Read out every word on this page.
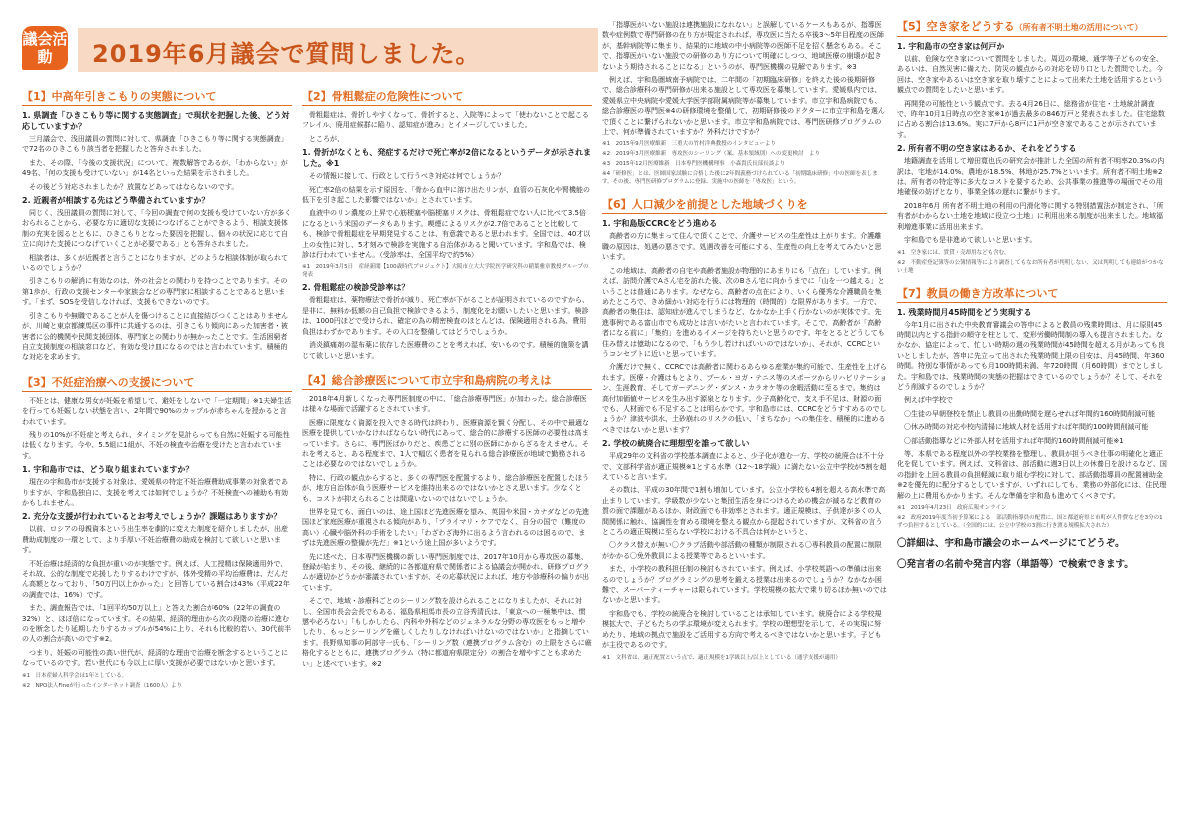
議会活動	2019年6月議会で質問しました。
【1】中高年引きこもりの実態について
1. 県調査「ひきこもり等に関する実態調査」で現状を把握した後、どう対応していますか？

三月議会で、浅田議員の質問に対して、県調査「ひきこもり等に関する実態調査」で72名のひきこもり該当者を把握したと答弁されました。

また、その際、「今後の支援状況」について、複数解答であるが、「わからない」が49名、「何の支援も受けていない」が14名といった結果を示されました。

その後どう対応されましたか？放置などあってはならないのです。

2. 近親者が相談する先はどう準備されていますか？

同じく、浅田議員の質問に対して、「今回の調査で何の支援も受けていない方が多くおられることから、必要な方に適切な支援につなげることができるよう、相談支援体制の充実を図るとともに、ひきこもりとなった要因を把握し、個々の状況に応じて自立に向けた支援につなげていくことが必要である」とも答弁されました。

相談者は、多くが近親者と言うことになりますが、どのような相談体制が取られているのでしょうか？

引きこもりの解消に有効なのは、外の社会との関わりを持つことであります。その第1歩が、行政の支援センターや家族会などの専門家に相談することであると思います。「まず、SOSを受信しなければ、支援もできないのです。

引きこもりや無職であることが人を傷つけることに直接結びつくことはありませんが、川崎と東京都練馬区の事件に共通するのは、引きこもり傾向にあった加害者・被害者に公的機関や民間支援団体、専門家との関わりが無かったことです。生活困窮者自立支援制度の相談窓口など、有効な受け皿になるのではと言われています。積極的な対応を求めます。

【3】不妊症治療への支援について

不妊とは、健康な男女が妊娠を希望して、避妊をしないで「一定期間」※1夫婦生活を行っても妊娠しない状態を言い、2年間で90%のカップルが赤ちゃんを授かると言われています。

残りの10%が不妊症と考えられ、タイミングを見計らっても自然に妊娠する可能性は低くなります。今や、5.5組に1組が、不妊の検査や治療を受けたと言われています。

1. 宇和島市では、どう取り組まれていますか？

現在の宇和島市が支援する対象は、愛媛県の特定不妊治療費助成事業の対象者でありますが、宇和島独自に、支援を考えては如何でしょうか？不妊検査への補助も有効かもしれません。

2. 充分な支援が行われているとお考えでしょうか？課題はありますか？

以前、ロシアの母親資本という出生率を劇的に変えた制度を紹介しましたが、出産費助成制度の一環として、より手厚い不妊治療費の助成を検討して欲しいと思います。

不妊治療は経済的な負担が重いのが実態です。例えば、人工授精は保険適用外で、それ故、公的な制度で応援したりするわけですが、体外受精の平均治療費は、だんだん高額となっており、「50万円以上かかった」と回答している割合は43%（平成22年の調査では、16%）です。

また、調査報告では、「1回平均50万以上」と答えた割合が60%（22年の調査の32%）と、ほぼ倍になっています。その結果、経済的理由から次の段階の治療に進むのを断念したり延期したりするカップルが54%に上り、それも比較的若い、30代前半の人の割合が高いのです※2。

つまり、妊娠の可能性の高い世代が、経済的な理由で治療を断念するということになっているのです。若い世代にも今以上に厚い支援が必要ではないかと思います。

※1　日本産婦人科学会は1年としている。
※2　NPO法人Fineが行ったインターネット調査（1600人）より
【2】骨粗鬆症の危険性について

骨粗鬆症は、骨折しやすくなって、骨折すると、入院等によって「使わないことで起こるフレイル、廃用症候群に陥り、認知症が進み」とイメージしていました。

ところが、

1. 骨折がなくとも、発症するだけで死亡率が2倍になるというデータが示されました。※1

その情報に接して、行政として行うべき対応は何でしょうか？

死亡率2倍の結果を示す原因を、「骨から血中に溶け出たリンが、血管の石灰化や腎機能の低下を引き起こした影響ではないか」とされています。

血液中のリン濃度の上昇で心筋梗塞や脳梗塞リスクは、骨粗鬆症でない人に比べて3.5倍になるという米国のデータもあります。喫煙によるリスクが2.7倍であることと比較しても、検診で骨粗鬆症を早期発見することは、有意義であると思われます。全国では、40才以上の女性に対し、5才刻みで検診を実施する自治体があると聞いています。宇和島では、検診は行われていません。（受診率は、全国平均で約5%）

※1　2019年3月5日　産経新聞【100歳時代プロジェクト】大阪市立大大学院医学研究科の稲葉雅章教授グループの発表
2. 骨粗鬆症の検診受診率は？

骨粗鬆症は、薬物療法で骨折が減り、死亡率が下がることが証明されているのですから、是非に、無料か低額の自己負担で検診できるよう、制度化をお願いしたいと思います。検診は、1000円ほどで受けられ、確定の為の精密検査のほとんどは、保険適用される為、費用負担はわずかであります。その入口を整備してはどうでしょうか。

消炎鎮痛剤の湿布薬に依存した医療費のことを考えれば、安いものです。積極的施策を講じて欲しいと思います。

【4】総合診療医について市立宇和島病院の考えは

2018年4月新しくなった専門医制度の中に、「総合診療専門医」が加わった。総合診療医は様々な場面で活躍するとされています。

医療に限度なく資源を投入できる時代は終わり、医療資源を賢く分配し、その中で最適な医療を提供していかなければならない時代にあって、総合的に診療する医師の必要性は高まっています。さらに、専門医ばかりだと、疾患ごとに別の医師にかからざるをえません。それを考えると、ある程度まで、1人で幅広く患者を見られる総合診療医が地域で勤務されることは必要なのではないでしょうか。

特に、行政の観点からすると、多くの専門医を配置するより、総合診療医を配置したほうが、地方自治体が負う医療サービスを維持出来るのではないかとさえ思います。少なくとも、コストが抑えられることは間違いないのではないでしょうか。

世界を見ても、面白いのは、途上国ほど先進医療を望み、英国や米国・カナダなどの先進国ほど家庭医療が重視される傾向があり、「プライマリ・ケアでなく、自分の国で（難度の高い）心臓や脳外科の手術をしたい」「わざわざ海外に出るよう言われるのは困るので、まずは先進医療の整備が先だ」※1という途上国が多いようです。

先に述べた、日本専門医機構の新しい専門医制度では、2017年10月から専攻医の募集、登録が始まり、その後、継続的に各都道府県で関係者による協議会が開かれ、研修プログラムが適切かどうかが審議されていますが、その応募状況によれば、地方や診療科の偏りが出ています。

そこで、地域・診療科ごとのシーリング数を設けられることになりましたが、それに対し、全国市長会会長でもある、福島県相馬市長の立谷秀清氏は、「東京への一極集中は、惯懲や必ろない」「もしかしたら、内科や外科などのジェネラルな分野の専攻医をもっと増やしたり、もっとシーリングを厳しくしたりしなければいけないのではないか」と指摘しています。長野県知事の阿部守一氏も、「シーリング数（連携プログラム含む）の上限をさらに厳格化するとともに、連携プログラム（特に都道府県限定分）の割合を増やすことも求めたい」と述べています。※2

「指導医がいない施設は連携施設になれない」と誤解しているケースもあるが、指導医数や症例数で専門研修の在り方が規定されれば、専攻医に当たる卒後3〜5年目程度の医師が、基幹病院等に集まり、結果的に地域の中小病院等の医師不足を招く懸念もある。そこで、指導医がいない施設での研修のあり方について明確にしつつ、地域医療の崩壊が起きないよう期待されることになる」というのが、専門医機構の見解であります。※3

例えば、宇和島圏域南予病院では、二年間の「初期臨床研修」を終えた後の後期研修で、総合診療科の専門研修が出来る施設として専攻医を募集しています。愛媛県内では、愛媛県立中央病院や愛媛大学医学部附属病院等が募集しています。市立宇和島病院でも、総合診療医の専門医※4の研修環境を整備して、初期研修後のドクターに市立宇和島を選んで頂くことに繋げられないかと思います。市立宇和島病院では、専門医研修プログラムの上で、何が準備されていますか？外科だけですか？

※1　2015年9月医療維新　三重大の竹村洋典教授のインタビューより
※2　2019年3月医療維新　専攻医のシーリング（案、基本領域別）への変更検討　より
※3　2015年12月医療維新　日本専門医機構理事　小森貴氏長部長談より
※4「研修医」とは、医師国家試験に合格した後に2年間義務づけられている「初期臨床研修」中の医師を表します。その後、専門医研修プログラムに登録、実施中の医師を「専攻医」という。
【6】人口減少を前提とした地域づくりを
1. 宇和島版CCRCをどう進める

高齢者の方に集まって住んで頂くことで、介護サービスの生産性は上がります。介護離職の原因は、処遇の悪さです。処遇改善を可能にする、生産性の向上を考えてみたいと思います。

この地域は、高齢者の自宅や高齢者施設が物理的にあまりにも「点在」しています。例えば、訪問介護でAさん宅を訪れた後、次のBさん宅に向かうまでに「山を一つ越える」ということは普通にあります。なぜなら、高齢者の点在により、いくら優秀な介護職員を集めたところで、きめ細かい対応を行うには物理的（時間的）な限界があります。一方で、高齢者の集住は、認知症が進んでしまうなど、なかなか上手く行かないのが実体です。先進事例である富山市でも成功とは言いがたいと言われています。そこで、高齢者が「高齢者になる前に」「集約」を進めるイメージを持ちたいと思うのです。年をとるとどうしても住み替えは億劫になるので、「もう少し若ければいいのではないか」、それが、CCRCというコンセプトに近いと思っています。

介護だけで無く、CCRCでは高齢者に関わるあらゆる産業が集約可能で、生産性を上げられます。医療・介護はもとより、プール・ヨガ・テニス等のスポーツからリハビリテーション、生涯教育、そしてガーデニング・ダンス・カラオケ等の余暇活動に至るまで。集約は高付加価値サービスを生み出す源泉となります。少子高齢化で、支え手不足は、財源の面でも、人材面でも不足することは明らかです。宇和島市には、CCRCをどうすすめるのでしょうか？津波や洪水、土砂崩れのリスクの低い、「まちなか」への集住を、積極的に進めるべきではないかと思います？

2. 学校の統廃合に理想型を誰って欲しい

平成29年の文科省の学校基本調査によると、少子化が進む一方、学校の統廃合は不十分で、文部科学省が適正規模※1とする水準（12〜18学級）に満たない公立中学校が5割を超えていると言います。

その数は、平成の30年間で1割も増加しています。公立小学校も4割を超える高水準で高止まりしています。学級数が少ないと集団生活を身につけるための機会が減るなど教育の質の面で課題があるほか、財政面でも非効率とされます。適正規模は、子供達が多くの人間関係に触れ、協調性を育める環境を整える観点から提起されていますが、文科省の言うところの適正規模に至らない学校における不具合は何かというと、

〇クラス替えが無い〇クラブ活動や部活動の種類が制限される〇専科教員の配置に制限がかかる〇免外教員による授業等であるといいます。

また、小学校の教科担任制の検討もされています。例えば、小学校英語への準備は出来るのでしょうか？プログラミングの思考を鍛える授業は出来るのでしょうか？なかなか困難で、スーパーティーチャーは限られています。学校規模の拡大で乗り切るほか無いのではないかと思います。

宇和島でも、学校の統廃合を検討していることは承知しています。統廃合による学校規模拡大で、子どもたちの学ぶ環境が変えられます。学校の理想型を示して、その実現に努めたり、地域の拠点で施設をご活用する方向で考えるべきではないかと思います。子どもが主役であるのです。

※1　文科省は、適正配置という点で、適正規模を1学級以上/以上としている（通学支援が適用）
【5】空き家をどうする（所有者不明土地の活用について）
1. 宇和島市の空き家は何戸か

以前、危険な空き家について質問をしました。周辺の環境、通学等子どもの安全、あるいは、自然災害に備えた、防災の観点からの対応を切り口とした質問でした。今回は、空き家やあるいは空き家を取り壊すことによって出来た土地を活用するという観点での質問をしたいと思います。

再開発の可能性という観点です。去る4月26日に、総務省が住宅・土地統計調査で、昨年10月1日時点の空き家※1が過去最多の846万戸と発表されました。住宅総数に占める割合は13.6%。実に7戸から8戸に1戸が空き家であることが示されています。

2. 所有者不明の空き家はあるか、それをどうする

地籍調査を活用して増田寛也氏の研究会が推計した全国の所有者不明率20.3%の内訳は、宅地が14.0%、農地が18.5%、林地が25.7%といいます。所有者不明土地※2は、所有者の特定等に多大なコストを要するため、公共事業の推進等の場面でその用地確保の妨げとなり、事業全体の遅れに繋がります。

2018年6月 所有者不明土地の利用の円滑化等に関する特別措置法が制定され、「所有者がわからない土地を地域に役立つ土地」に利用出来る制度が出来ました。地域福利増進事業に活用出来ます。

宇和島でも是非進めて欲しいと思います。

※1　空き家には、賃貸・売却用なども含む。
※2　不動産登記簿等の公簿情報等により調査してもなお所有者が判明しない、又は判明しても連絡がつかない土地
【7】教員の働き方改革について
1. 残業時間月45時間をどう実現する

今年1月に出された中央教育審議会の答申によると教員の残業時間は、月に原則45時間以内とする指針の順守を柱として、変形労働時間制の導入も提言されました。なかなか、協定によって、忙しい時期の週の残業時間が45時間を超える月があっても良いとしましたが、答申に先立って出された残業時間上限の目安は、月45時間、年360時間。特別な事情があっても月100時間未満、年720時間（月60時間）までとしました。宇和島では、残業時間の実態の把握はできているのでしょうか？そして、それをどう削減するのでしょうか？

例えば中学校で

〇生徒の早朝登校を禁止し教員の出勤時間を遅らせれば年間約160時間削減可能

〇休み時間の対応や校内清掃に地域人材を活用すれば年間約100時間削減可能

〇部活動指導などに外部人材を活用すれば年間約160時間削減可能※1

等、本県である程度以外の学校業務を整理し、教員が担うべき仕事の明確化と適正化を促しています。例えば、文科省は、部活動に週3日以上の休養日を設けるなど、国の指針を上回る教員の負担軽減に取り組む学校に対して、部活動指導員の配置補助金※2を優先的に配分するとしていますが、いずれにしても、業務の外部化には、住民理解の上に費用もかかります。そんな準備を宇和島も進めてくべきです。

※1　2019年4月23日　政府広報オンライン
※2　政府2019年度当初予算案による　部活動指導員の配置に、国と都道府県と市町が人件費などを3分の1ずつ負担するとしている。（全国的には、公立中学校の3割に行き渡る規模拡大された）
〇詳細は、宇和島市議会のホームページにてどうぞ。
〇発言者の名前や発言内容（単語等）で検索できます。
